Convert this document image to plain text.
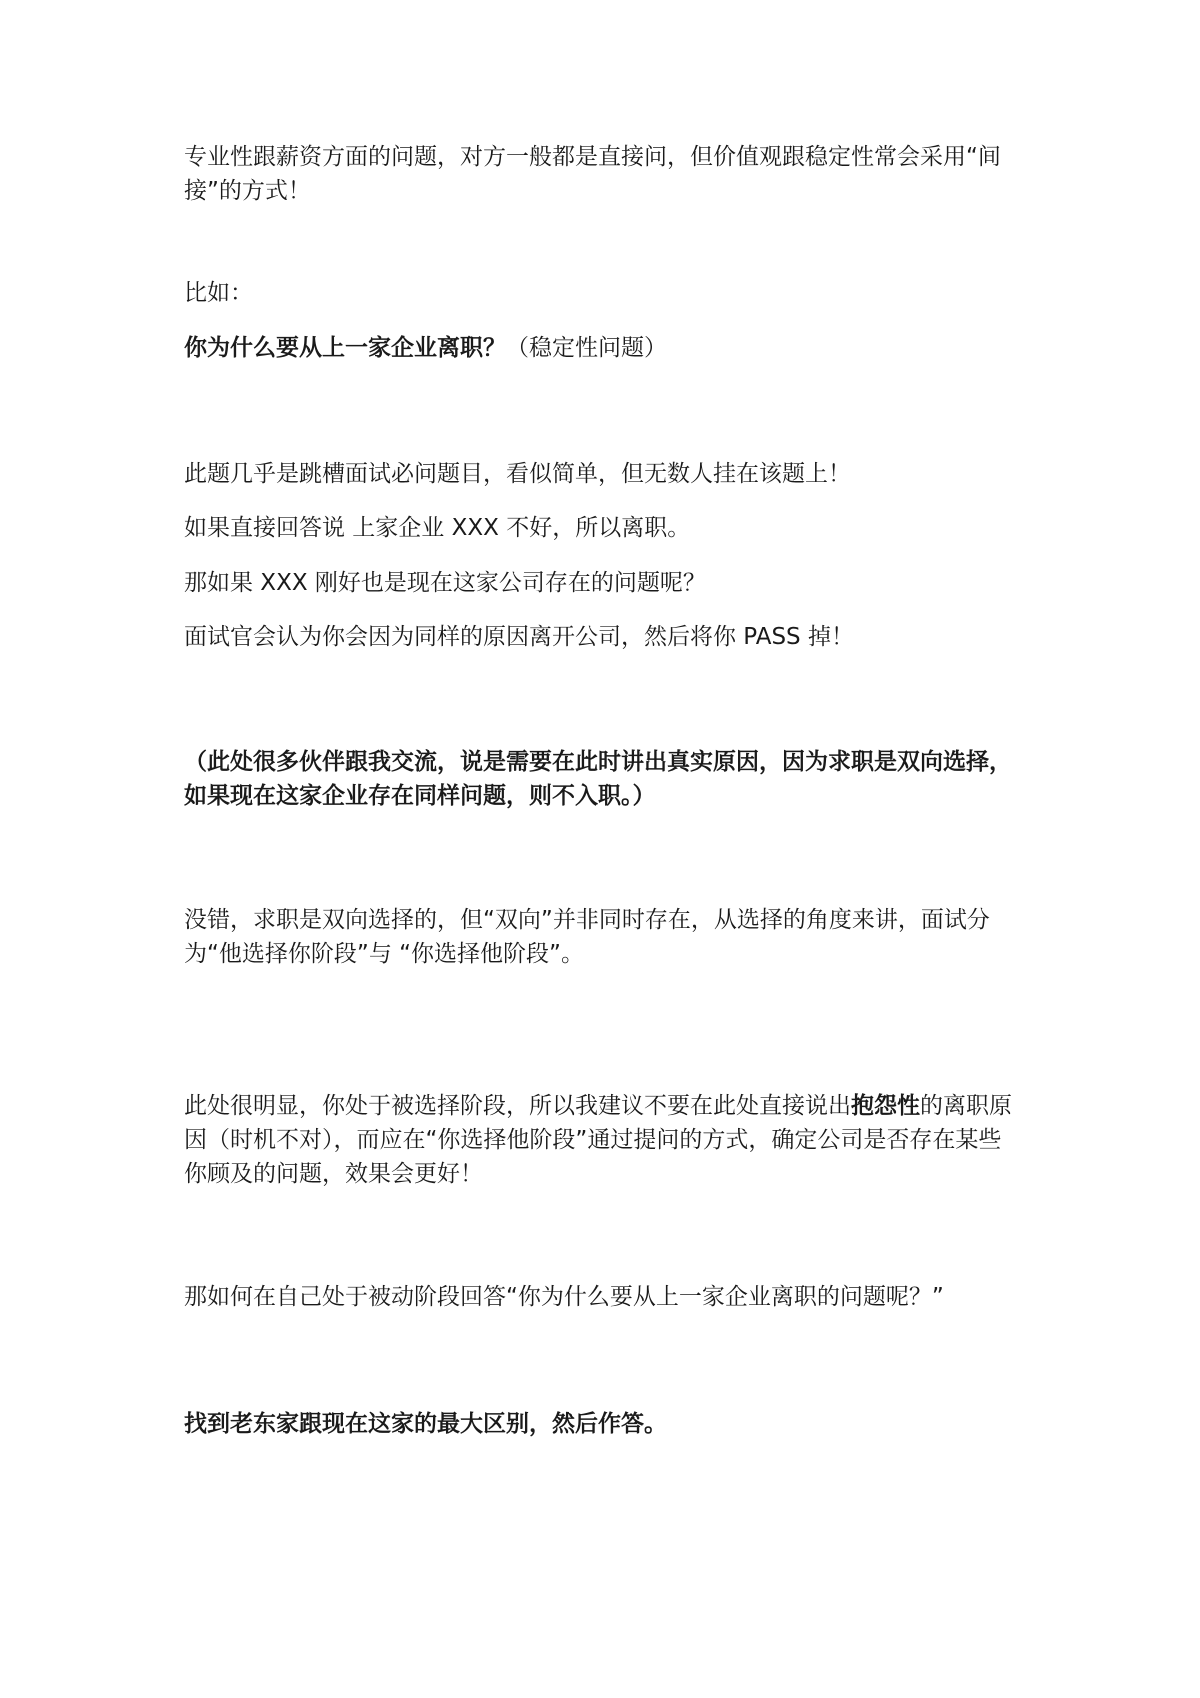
专业性跟薪资方面的问题，对方一般都是直接问，但价值观跟稳定性常会采用“间接”的方式！

比如：

你为什么要从上一家企业离职？（稳定性问题）

此题几乎是跳槽面试必问题目，看似简单，但无数人挂在该题上！

如果直接回答说 上家企业 XXX 不好，所以离职。

那如果 XXX 刚好也是现在这家公司存在的问题呢？

面试官会认为你会因为同样的原因离开公司，然后将你 PASS 掉！

（此处很多伙伴跟我交流，说是需要在此时讲出真实原因，因为求职是双向选择，如果现在这家企业存在同样问题，则不入职。）

没错，求职是双向选择的，但“双向”并非同时存在，从选择的角度来讲，面试分为“他选择你阶段”与 “你选择他阶段”。

此处很明显，你处于被选择阶段，所以我建议不要在此处直接说出抱怨性的离职原因（时机不对），而应在“你选择他阶段”通过提问的方式，确定公司是否存在某些你顾及的问题，效果会更好！

那如何在自己处于被动阶段回答“你为什么要从上一家企业离职的问题呢？”

找到老东家跟现在这家的最大区别，然后作答。
